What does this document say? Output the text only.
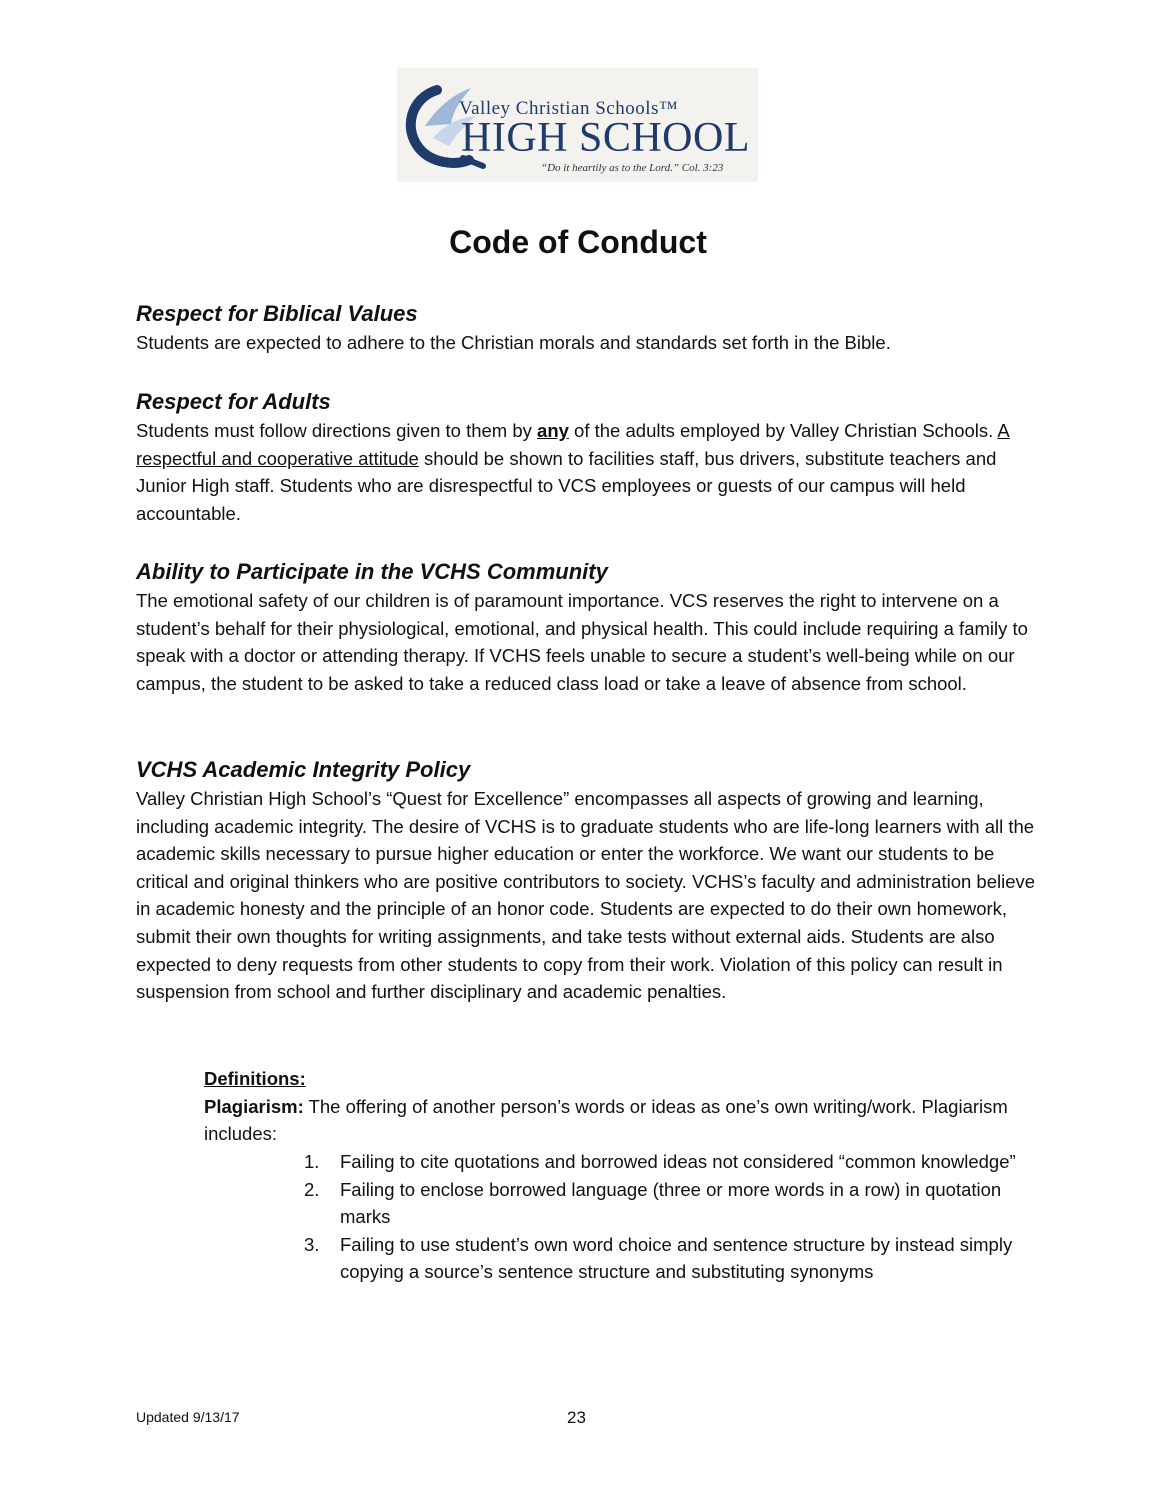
Valley Christian Schools™
HIGH SCHOOL
“Do it heartily as to the Lord.” Col. 3:23
Code of Conduct

Respect for Biblical Values

Students are expected to adhere to the Christian morals and standards set forth in the Bible.

Respect for Adults

Students must follow directions given to them by any of the adults employed by Valley Christian Schools. A respectful and cooperative attitude should be shown to facilities staff, bus drivers, substitute teachers and Junior High staff. Students who are disrespectful to VCS employees or guests of our campus will held accountable.

Ability to Participate in the VCHS Community

The emotional safety of our children is of paramount importance. VCS reserves the right to intervene on a student’s behalf for their physiological, emotional, and physical health. This could include requiring a family to speak with a doctor or attending therapy. If VCHS feels unable to secure a student’s well-being while on our campus, the student to be asked to take a reduced class load or take a leave of absence from school.

VCHS Academic Integrity Policy

Valley Christian High School’s “Quest for Excellence” encompasses all aspects of growing and learning, including academic integrity. The desire of VCHS is to graduate students who are life-long learners with all the academic skills necessary to pursue higher education or enter the workforce. We want our students to be critical and original thinkers who are positive contributors to society. VCHS’s faculty and administration believe in academic honesty and the principle of an honor code. Students are expected to do their own homework, submit their own thoughts for writing assignments, and take tests without external aids. Students are also expected to deny requests from other students to copy from their work. Violation of this policy can result in suspension from school and further disciplinary and academic penalties.

Definitions:

Plagiarism: The offering of another person’s words or ideas as one’s own writing/work. Plagiarism includes:

1. Failing to cite quotations and borrowed ideas not considered “common knowledge”
2. Failing to enclose borrowed language (three or more words in a row) in quotation marks
3. Failing to use student’s own word choice and sentence structure by instead simply copying a source’s sentence structure and substituting synonyms
Updated 9/13/17	23
